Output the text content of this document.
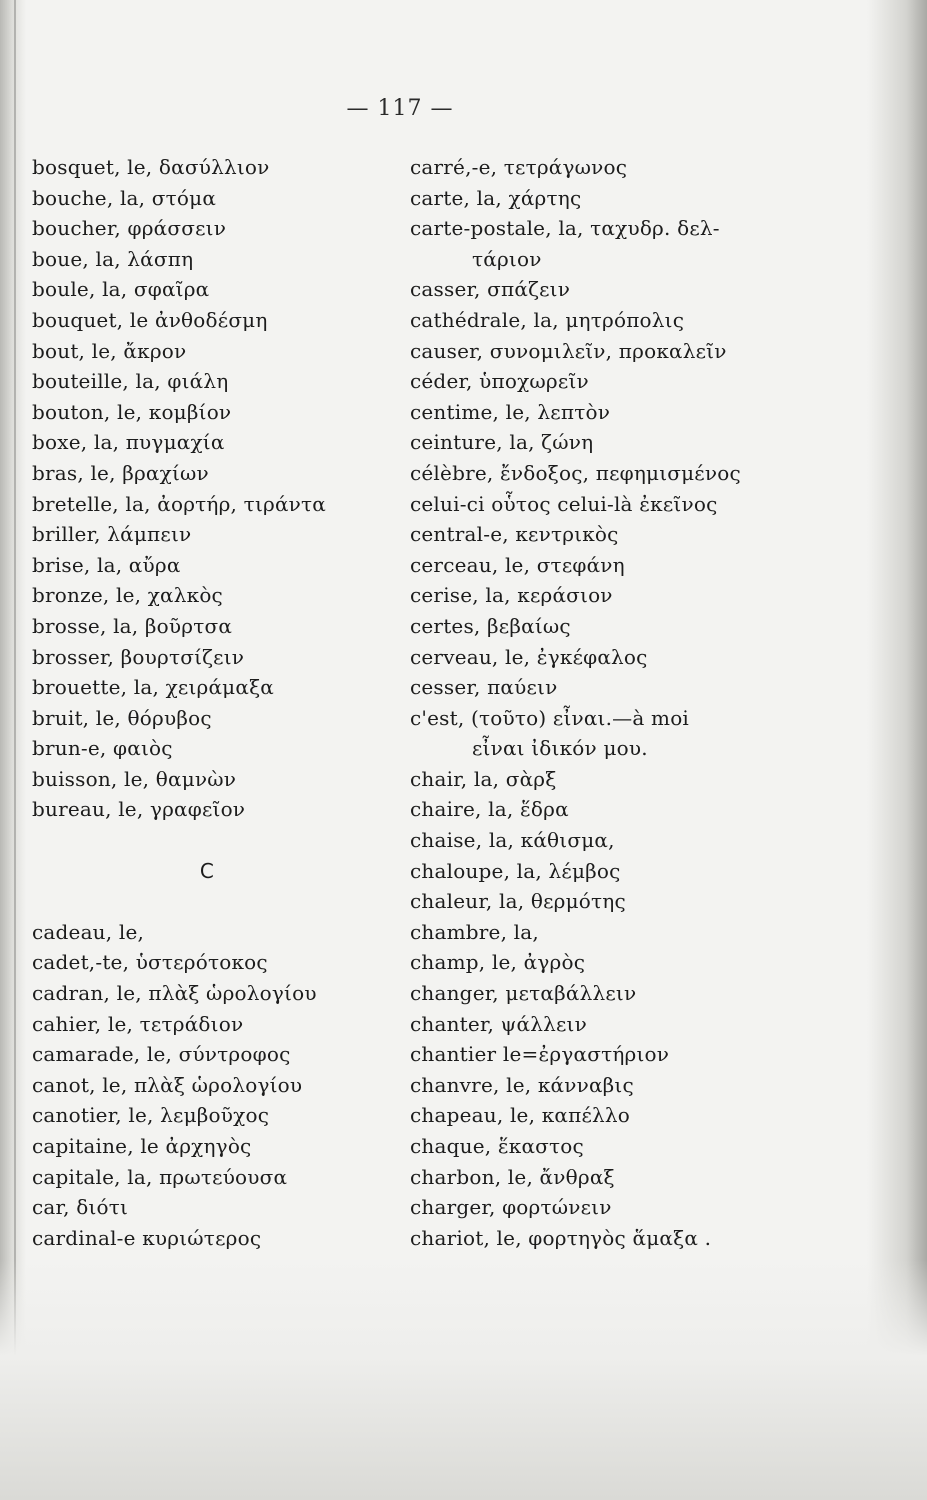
— 117 —
bosquet, le, δασύλλιον
bouche, la, στόμα
boucher, φράσσειν
boue, la, λάσπη
boule, la, σφαῖρα
bouquet, le ἀνθοδέσμη
bout, le, ἄκρον
bouteille, la, φιάλη
bouton, le, κομβίον
boxe, la, πυγμαχία
bras, le, βραχίων
bretelle, la, ἀορτήρ, τιράντα
briller, λάμπειν
brise, la, αὔρα
bronze, le, χαλκὸς
brosse, la, βοῦρτσα
brosser, βουρτσίζειν
brouette, la, χειράμαξα
bruit, le, θόρυβος
brun-e, φαιὸς
buisson, le, θαμνὼν
bureau, le, γραφεῖον
C
cadeau, le,
cadet,-te, ὑστερότοκος
cadran, le, πλὰξ ὡρολογίου
cahier, le, τετράδιον
camarade, le, σύντροφος
canot, le, πλὰξ ὡρολογίου
canotier, le, λεμβοῦχος
capitaine, le ἀρχηγὸς
capitale, la, πρωτεύουσα
car, διότι
cardinal-e κυριώτερος
carré,-e, τετράγωνος
carte, la, χάρτης
carte-postale, la, ταχυδρ. δελ-
τάριον
casser, σπάζειν
cathédrale, la, μητρόπολις
causer, συνομιλεῖν, προκαλεῖν
céder, ὑποχωρεῖν
centime, le, λεπτὸν
ceinture, la, ζώνη
célèbre, ἔνδοξος, πεφημισμένος
celui-ci οὗτος celui-là ἐκεῖνος
central-e, κεντρικὸς
cerceau, le, στεφάνη
cerise, la, κεράσιον
certes, βεβαίως
cerveau, le, ἐγκέφαλος
cesser, παύειν
c'est, (τοῦτο) εἶναι.—à moi
εἶναι ἰδικόν μου.
chair, la, σὰρξ
chaire, la, ἕδρα
chaise, la, κάθισμα,
chaloupe, la, λέμβος
chaleur, la, θερμότης
chambre, la,
champ, le, ἀγρὸς
changer, μεταβάλλειν
chanter, ψάλλειν
chantier le=ἐργαστήριον
chanvre, le, κάνναβις
chapeau, le, καπέλλο
chaque, ἕκαστος
charbon, le, ἄνθραξ
charger, φορτώνειν
chariot, le, φορτηγὸς ἅμαξα .
